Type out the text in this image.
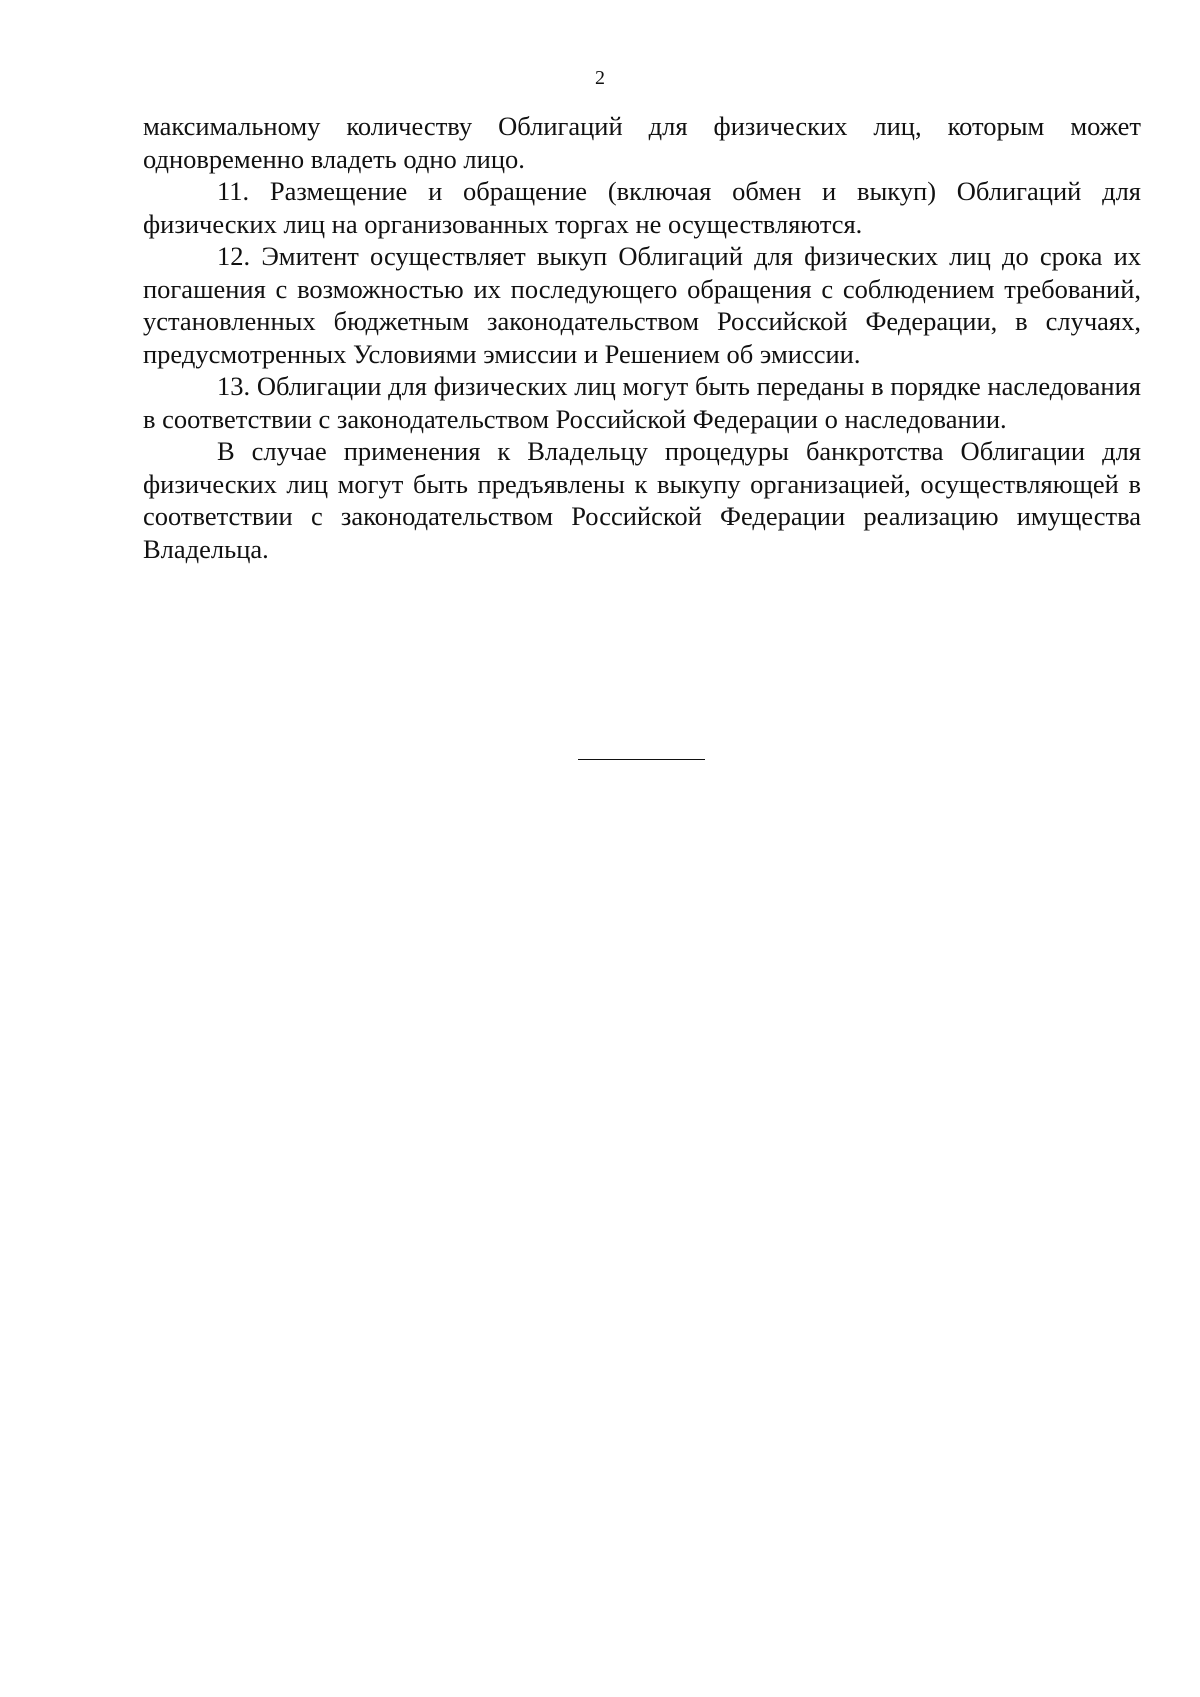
2

максимальному количеству Облигаций для физических лиц, которым может одновременно владеть одно лицо.

11. Размещение и обращение (включая обмен и выкуп) Облигаций для физических лиц на организованных торгах не осуществляются.

12. Эмитент осуществляет выкуп Облигаций для физических лиц до срока их погашения с возможностью их последующего обращения с соблюдением требований, установленных бюджетным законодательством Российской Федерации, в случаях, предусмотренных Условиями эмиссии и Решением об эмиссии.

13. Облигации для физических лиц могут быть переданы в порядке наследования в соответствии с законодательством Российской Федерации о наследовании.

В случае применения к Владельцу процедуры банкротства Облигации для физических лиц могут быть предъявлены к выкупу организацией, осуществляющей в соответствии с законодательством Российской Федерации реализацию имущества Владельца.
